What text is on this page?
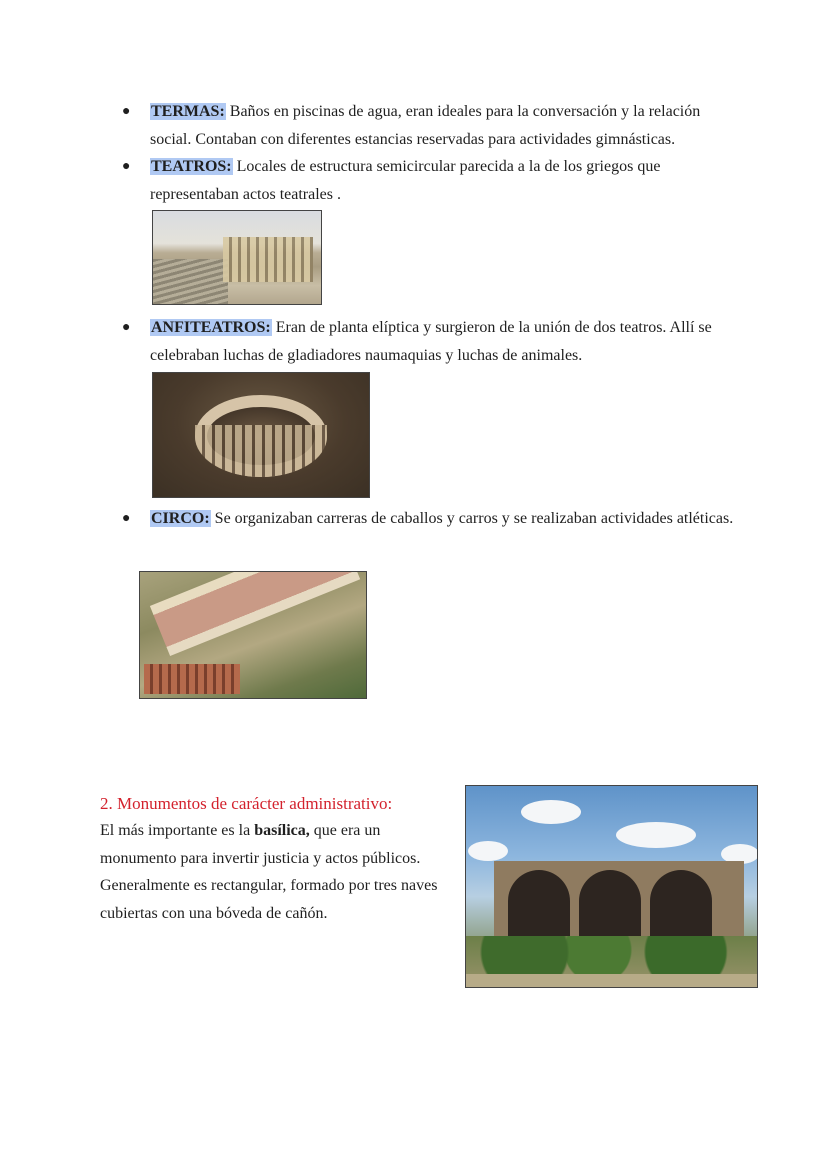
●	TERMAS: Baños en piscinas de agua, eran ideales para la conversación y la relación social. Contaban con diferentes estancias reservadas para actividades gimnásticas.
●	TEATROS: Locales de estructura semicircular parecida a la de los griegos que representaban actos teatrales .
●	ANFITEATROS: Eran de planta elíptica y surgieron de la unión de dos teatros. Allí se celebraban luchas de gladiadores naumaquias y luchas de animales.
●	CIRCO: Se organizaban carreras de caballos y carros y se realizaban actividades atléticas.
2. Monumentos de carácter administrativo:
El más importante es la basílica, que era un monumento para invertir justicia y actos públicos. Generalmente es rectangular, formado por tres naves cubiertas con una bóveda de cañón.
